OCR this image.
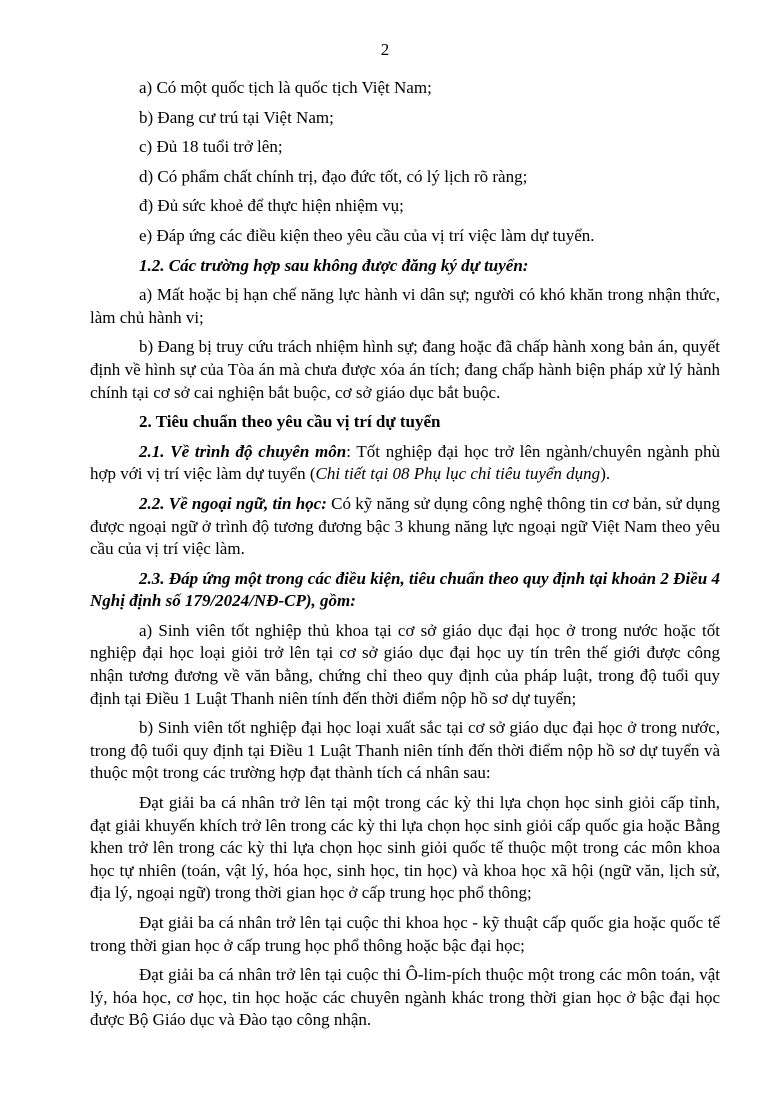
2

a) Có một quốc tịch là quốc tịch Việt Nam;

b) Đang cư trú tại Việt Nam;

c) Đủ 18 tuổi trở lên;

d) Có phẩm chất chính trị, đạo đức tốt, có lý lịch rõ ràng;

đ) Đủ sức khoẻ để thực hiện nhiệm vụ;

e) Đáp ứng các điều kiện theo yêu cầu của vị trí việc làm dự tuyển.

1.2. Các trường hợp sau không được đăng ký dự tuyển:

a) Mất hoặc bị hạn chế năng lực hành vi dân sự; người có khó khăn trong nhận thức, làm chủ hành vi;

b) Đang bị truy cứu trách nhiệm hình sự; đang hoặc đã chấp hành xong bản án, quyết định về hình sự của Tòa án mà chưa được xóa án tích; đang chấp hành biện pháp xử lý hành chính tại cơ sở cai nghiện bắt buộc, cơ sở giáo dục bắt buộc.

2. Tiêu chuẩn theo yêu cầu vị trí dự tuyển

2.1. Về trình độ chuyên môn: Tốt nghiệp đại học trở lên ngành/chuyên ngành phù hợp với vị trí việc làm dự tuyển (Chi tiết tại 08 Phụ lục chỉ tiêu tuyển dụng).

2.2. Về ngoại ngữ, tin học: Có kỹ năng sử dụng công nghệ thông tin cơ bản, sử dụng được ngoại ngữ ở trình độ tương đương bậc 3 khung năng lực ngoại ngữ Việt Nam theo yêu cầu của vị trí việc làm.

2.3. Đáp ứng một trong các điều kiện, tiêu chuẩn theo quy định tại khoản 2 Điều 4 Nghị định số 179/2024/NĐ-CP), gồm:

a) Sinh viên tốt nghiệp thủ khoa tại cơ sở giáo dục đại học ở trong nước hoặc tốt nghiệp đại học loại giỏi trở lên tại cơ sở giáo dục đại học uy tín trên thế giới được công nhận tương đương về văn bằng, chứng chỉ theo quy định của pháp luật, trong độ tuổi quy định tại Điều 1 Luật Thanh niên tính đến thời điểm nộp hồ sơ dự tuyển;

b) Sinh viên tốt nghiệp đại học loại xuất sắc tại cơ sở giáo dục đại học ở trong nước, trong độ tuổi quy định tại Điều 1 Luật Thanh niên tính đến thời điểm nộp hồ sơ dự tuyển và thuộc một trong các trường hợp đạt thành tích cá nhân sau:

Đạt giải ba cá nhân trở lên tại một trong các kỳ thi lựa chọn học sinh giỏi cấp tỉnh, đạt giải khuyến khích trở lên trong các kỳ thi lựa chọn học sinh giỏi cấp quốc gia hoặc Bằng khen trở lên trong các kỳ thi lựa chọn học sinh giỏi quốc tế thuộc một trong các môn khoa học tự nhiên (toán, vật lý, hóa học, sinh học, tin học) và khoa học xã hội (ngữ văn, lịch sử, địa lý, ngoại ngữ) trong thời gian học ở cấp trung học phổ thông;

Đạt giải ba cá nhân trở lên tại cuộc thi khoa học - kỹ thuật cấp quốc gia hoặc quốc tế trong thời gian học ở cấp trung học phổ thông hoặc bậc đại học;

Đạt giải ba cá nhân trở lên tại cuộc thi Ô-lim-pích thuộc một trong các môn toán, vật lý, hóa học, cơ học, tin học hoặc các chuyên ngành khác trong thời gian học ở bậc đại học được Bộ Giáo dục và Đào tạo công nhận.
